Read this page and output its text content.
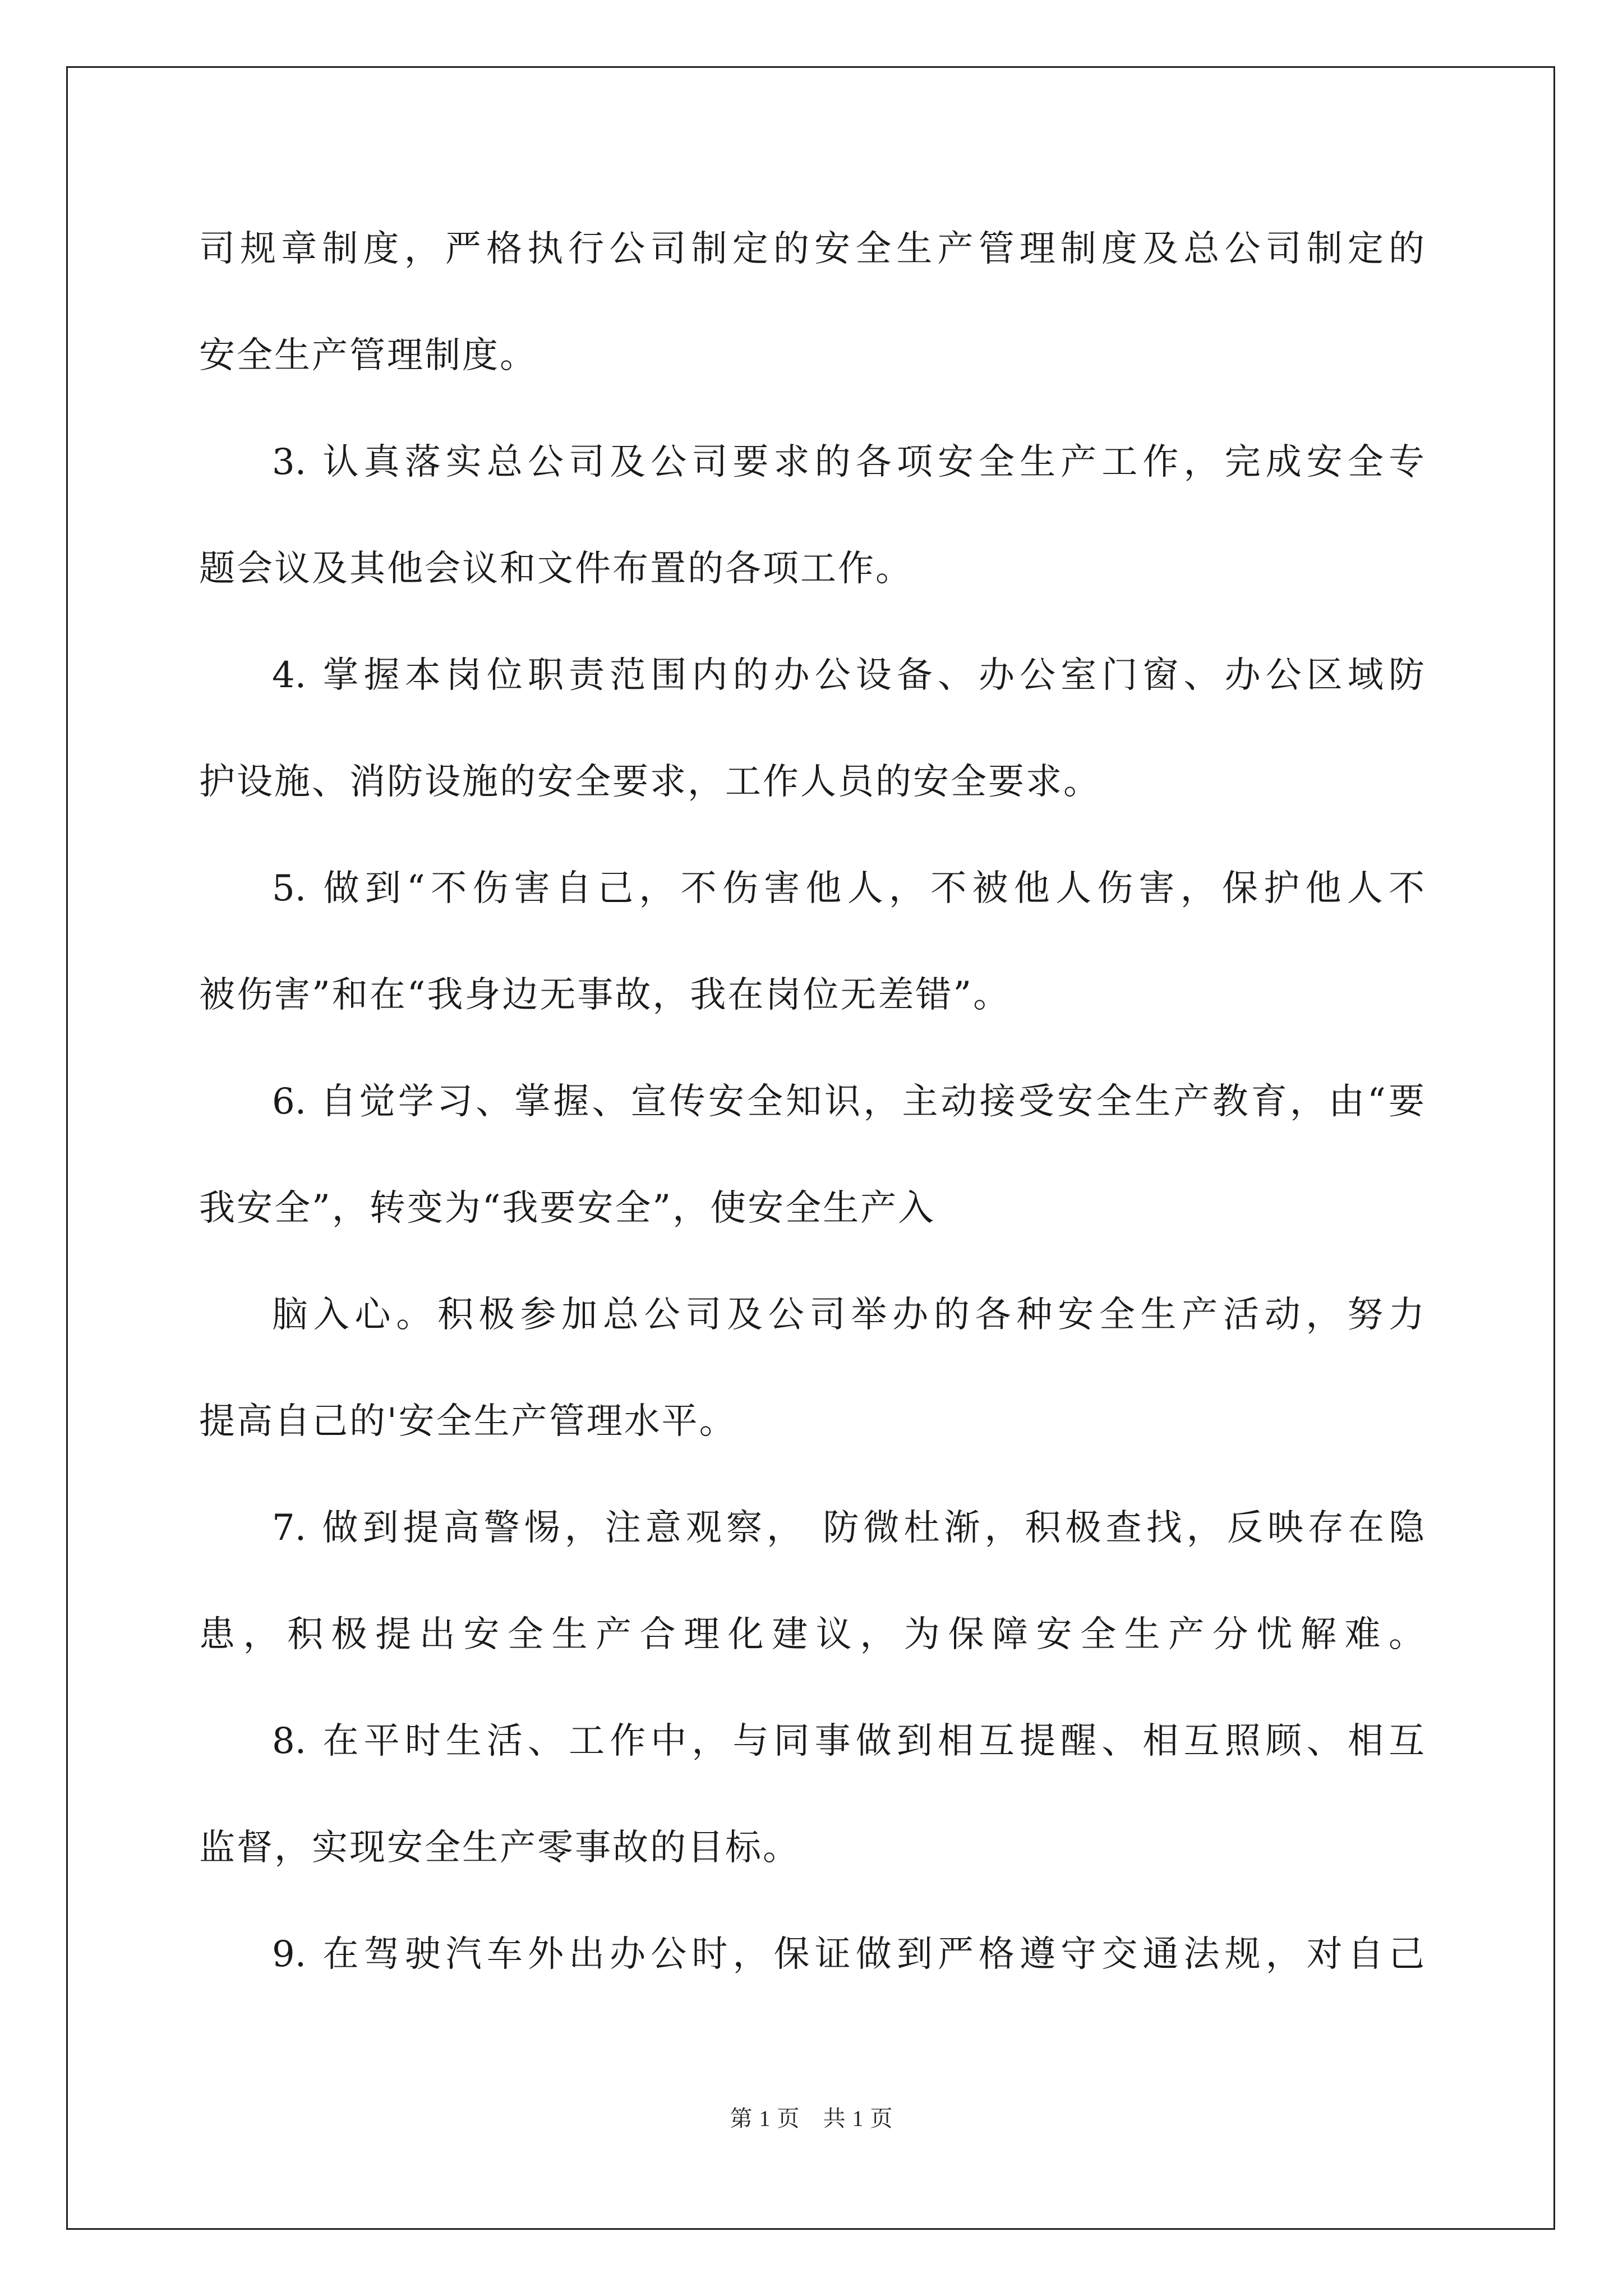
司规章制度，严格执行公司制定的安全生产管理制度及总公司制定的
安全生产管理制度。
3. 认真落实总公司及公司要求的各项安全生产工作，完成安全专
题会议及其他会议和文件布置的各项工作。
4. 掌握本岗位职责范围内的办公设备、办公室门窗、办公区域防
护设施、消防设施的安全要求，工作人员的安全要求。
5. 做到“不伤害自己，不伤害他人，不被他人伤害，保护他人不
被伤害”和在“我身边无事故，我在岗位无差错”。
6. 自觉学习、掌握、宣传安全知识，主动接受安全生产教育，由“要
我安全”，转变为“我要安全”，使安全生产入
脑入心。积极参加总公司及公司举办的各种安全生产活动，努力
提高自己的'安全生产管理水平。
7. 做到提高警惕，注意观察， 防微杜渐，积极查找，反映存在隐
患，积极提出安全生产合理化建议，为保障安全生产分忧解难。
8. 在平时生活、工作中，与同事做到相互提醒、相互照顾、相互
监督，实现安全生产零事故的目标。
9. 在驾驶汽车外出办公时，保证做到严格遵守交通法规，对自己
第 1 页　共 1 页
